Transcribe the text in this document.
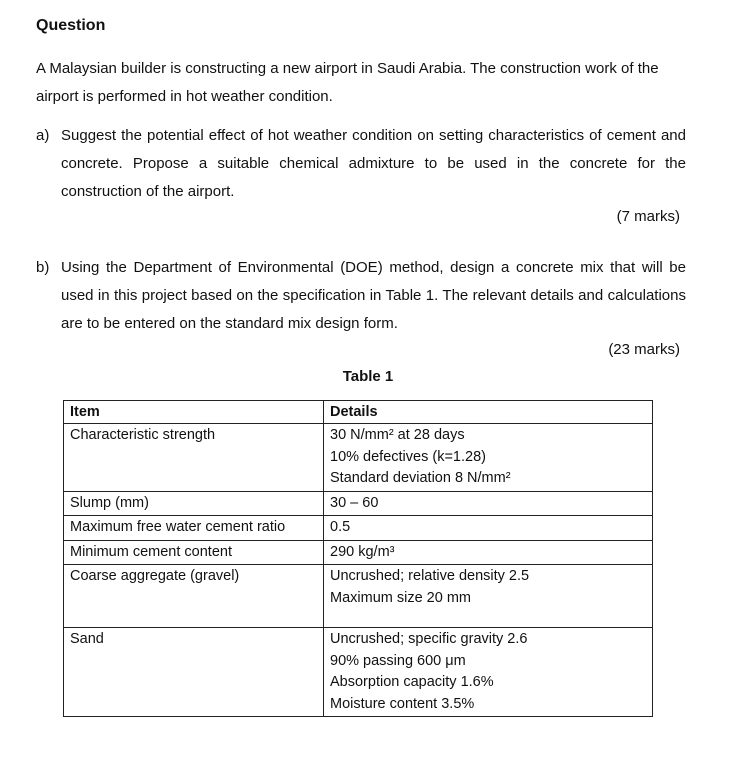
Question
A Malaysian builder is constructing a new airport in Saudi Arabia. The construction work of the airport is performed in hot weather condition.
a) Suggest the potential effect of hot weather condition on setting characteristics of cement and concrete. Propose a suitable chemical admixture to be used in the concrete for the construction of the airport.
(7 marks)
b) Using the Department of Environmental (DOE) method, design a concrete mix that will be used in this project based on the specification in Table 1. The relevant details and calculations are to be entered on the standard mix design form.
(23 marks)
Table 1
Item	Details
Characteristic strength	30 N/mm² at 28 days
10% defectives (k=1.28)
Standard deviation 8 N/mm²

Slump (mm)	30 – 60

Maximum free water cement ratio	0.5

Minimum cement content	290 kg/m³

Coarse aggregate (gravel)	Uncrushed; relative density 2.5
Maximum size 20 mm

Sand	Uncrushed; specific gravity 2.6
90% passing 600 μm
Absorption capacity 1.6%
Moisture content 3.5%
